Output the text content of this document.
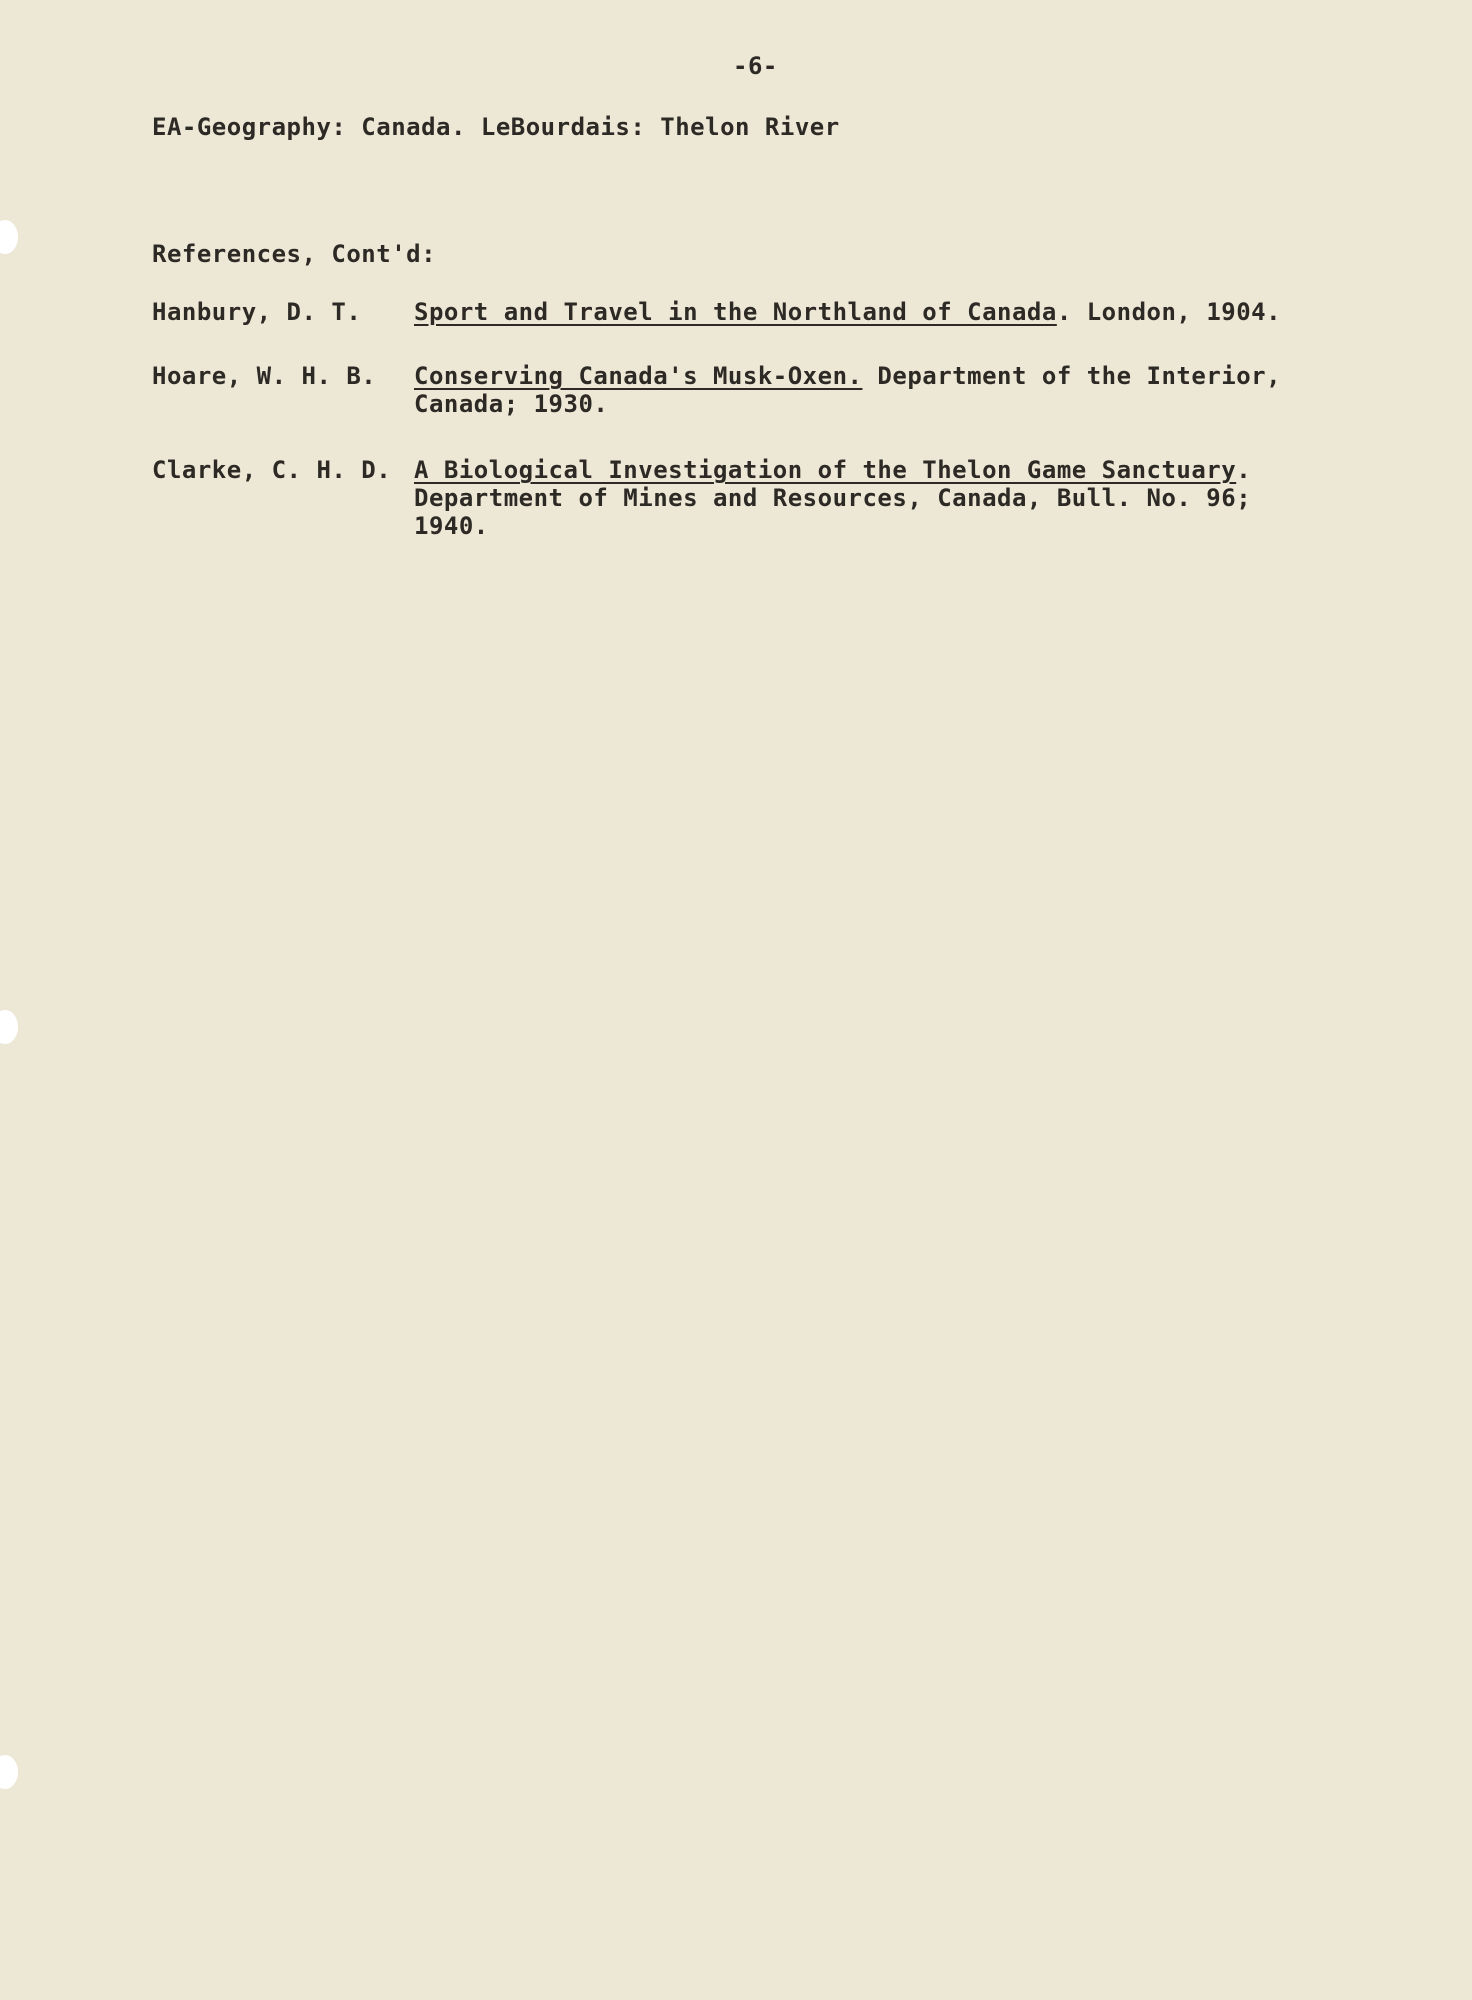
-6-

EA-Geography: Canada. LeBourdais: Thelon River

References, Cont'd:

Hanbury, D. T. Sport and Travel in the Northland of Canada. London, 1904.

Hoare, W. H. B. Conserving Canada's Musk-Oxen. Department of the Interior,

Canada; 1930.

Clarke, C. H. D. A Biological Investigation of the Thelon Game Sanctuary.

Department of Mines and Resources, Canada, Bull. No. 96;

1940.
